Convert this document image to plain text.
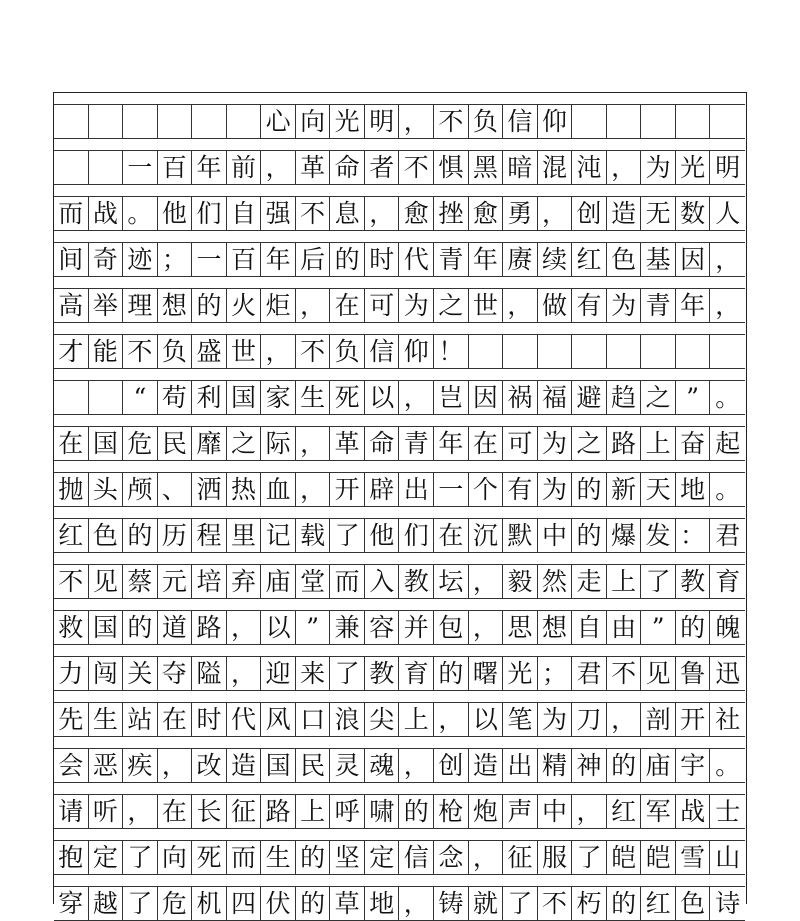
心 向 光 明 ， 不 负 信 仰
一 百 年 前 ， 革 命 者 不 惧 黑 暗 混 沌 ， 为 光 明
而 战 。 他 们 自 强 不 息 ， 愈 挫 愈 勇 ， 创 造 无 数 人
间 奇 迹 ； 一 百 年 后 的 时 代 青 年 赓 续 红 色 基 因 ，
高 举 理 想 的 火 炬 ， 在 可 为 之 世 ， 做 有 为 青 年 ，
才 能 不 负 盛 世 ， 不 负 信 仰 ！
“ 苟 利 国 家 生 死 以 ， 岂 因 祸 福 避 趋 之 ” 。
在 国 危 民 靡 之 际 ， 革 命 青 年 在 可 为 之 路 上 奋 起
抛 头 颅 、 洒 热 血 ， 开 辟 出 一 个 有 为 的 新 天 地 。
红 色 的 历 程 里 记 载 了 他 们 在 沉 默 中 的 爆 发 ： 君
不 见 蔡 元 培 弃 庙 堂 而 入 教 坛 ， 毅 然 走 上 了 教 育
救 国 的 道 路 ， 以 ” 兼 容 并 包 ， 思 想 自 由 ” 的 魄
力 闯 关 夺 隘 ， 迎 来 了 教 育 的 曙 光 ； 君 不 见 鲁 迅
先 生 站 在 时 代 风 口 浪 尖 上 ， 以 笔 为 刀 ， 剖 开 社
会 恶 疾 ， 改 造 国 民 灵 魂 ， 创 造 出 精 神 的 庙 宇 。
请 听 ， 在 长 征 路 上 呼 啸 的 枪 炮 声 中 ， 红 军 战 士
抱 定 了 向 死 而 生 的 坚 定 信 念 ， 征 服 了 皑 皑 雪 山
穿 越 了 危 机 四 伏 的 草 地 ， 铸 就 了 不 朽 的 红 色 诗
